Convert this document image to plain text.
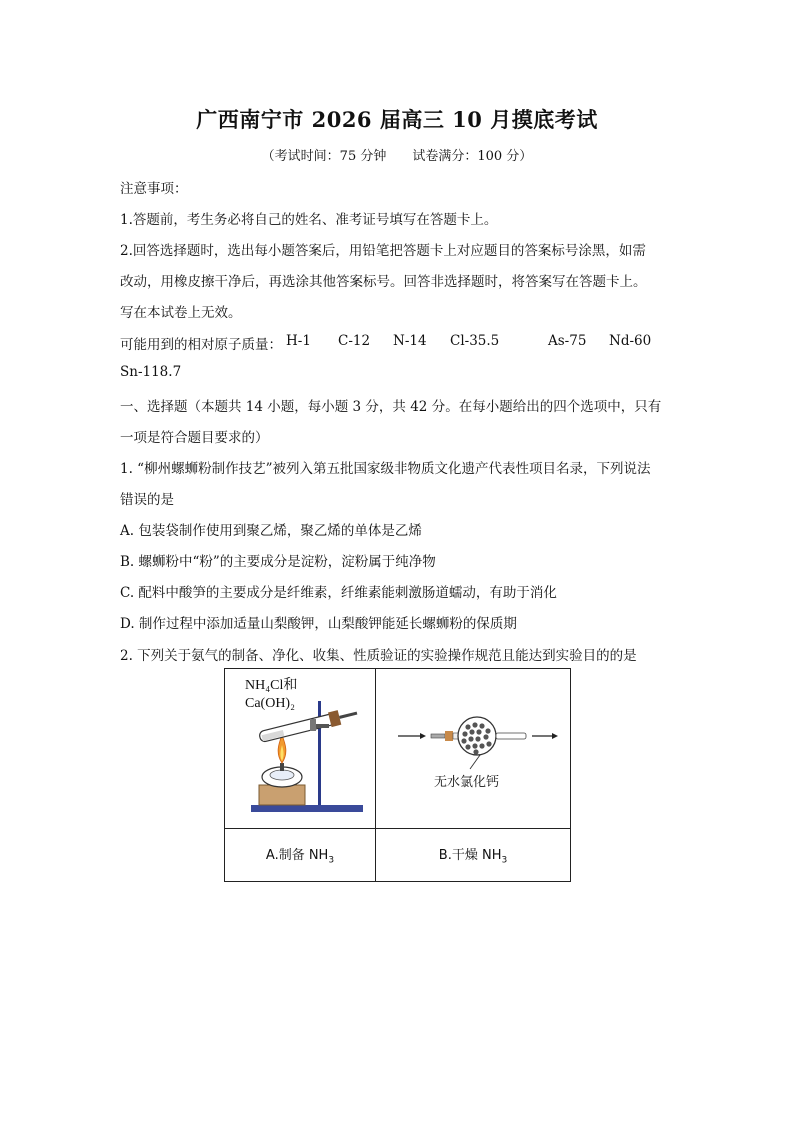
广西南宁市 2026 届高三 10 月摸底考试
（考试时间：75 分钟 试卷满分：100 分）
注意事项：
1.答题前，考生务必将自己的姓名、准考证号填写在答题卡上。
2.回答选择题时，选出每小题答案后，用铅笔把答题卡上对应题目的答案标号涂黑，如需
改动，用橡皮擦干净后，再选涂其他答案标号。回答非选择题时，将答案写在答题卡上。
写在本试卷上无效。
可能用到的相对原子质量： H-1 C-12 N-14 Cl-35.5	As-75 Nd-60
Sn-118.7
一、选择题（本题共 14 小题，每小题 3 分，共 42 分。在每小题给出的四个选项中，只有
一项是符合题目要求的）
1. “柳州螺蛳粉制作技艺”被列入第五批国家级非物质文化遗产代表性项目名录，下列说法
错误的是
A. 包装袋制作使用到聚乙烯，聚乙烯的单体是乙烯
B. 螺蛳粉中“粉”的主要成分是淀粉，淀粉属于纯净物
C. 配料中酸笋的主要成分是纤维素，纤维素能刺激肠道蠕动，有助于消化
D. 制作过程中添加适量山梨酸钾，山梨酸钾能延长螺蛳粉的保质期
2. 下列关于氨气的制备、净化、收集、性质验证的实验操作规范且能达到实验目的的是
NH₄Cl和
Ca(OH)₂	无水氯化钙

A.制备 $NH_3$	B.干燥 $NH_3$
